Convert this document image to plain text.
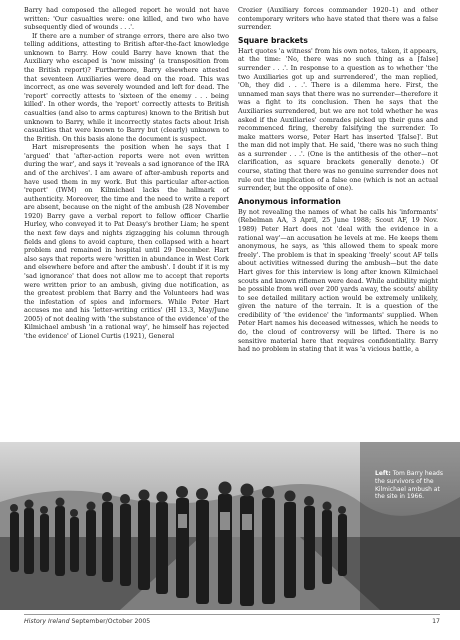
Barry had composed the alleged report he would not have written: 'Our casualties were: one killed, and two who have subsequently died of wounds . . .'.

If there are a number of strange errors, there are also two telling additions, attesting to British after-the-fact knowledge unknown to Barry. How could Barry have known that the Auxiliary who escaped is 'now missing' (a transposition from the British report)? Furthermore, Barry elsewhere attested that seventeen Auxiliaries were dead on the road. This was incorrect, as one was severely wounded and left for dead. The 'report' correctly attests to 'sixteen of the enemy . . . being killed'. In other words, the 'report' correctly attests to British casualties (and also to arms captures) known to the British but unknown to Barry, while it incorrectly states facts about Irish casualties that were known to Barry but (clearly) unknown to the British. On this basis alone the document is suspect.

Hart misrepresents the position when he says that I 'argued' that 'after-action reports were not even written during the war', and says it 'reveals a sad ignorance of the IRA and of the archives'. I am aware of after-ambush reports and have used them in my work. But this particular after-action 'report' (IWM) on Kilmichael lacks the hallmark of authenticity. Moreover, the time and the need to write a report are absent, because on the night of the ambush (28 November 1920) Barry gave a verbal report to fellow officer Charlie Hurley, who conveyed it to Pat Deasy's brother Liam; he spent the next few days and nights zigzagging his column through fields and glens to avoid capture, then collapsed with a heart problem and remained in hospital until 29 December. Hart also says that reports were 'written in abundance in West Cork and elsewhere before and after the ambush'. I doubt if it is my 'sad ignorance' that does not allow me to accept that reports were written prior to an ambush, giving due notification, as the greatest problem that Barry and the Volunteers had was the infestation of spies and informers. While Peter Hart accuses me and his 'letter-writing critics' (HI 13.3, May/June 2005) of not dealing with 'the substance of the evidence' of the Kilmichael ambush 'in a rational way', he himself has rejected 'the evidence' of Lionel Curtis (1921), General

Crozier (Auxiliary forces commander 1920–1) and other contemporary writers who have stated that there was a false surrender.

Square brackets

Hart quotes 'a witness' from his own notes, taken, it appears, at the time: 'No, there was no such thing as a [false] surrender . . .'. In response to a question as to whether 'the two Auxiliaries got up and surrendered', the man replied, 'Oh, they did . . .'. There is a dilemma here. First, the unnamed man says that there was no surrender—therefore it was a fight to its conclusion. Then he says that the Auxiliaries surrendered, but we are not told whether he was asked if the Auxiliaries' comrades picked up their guns and recommenced firing, thereby falsifying the surrender. To make matters worse, Peter Hart has inserted '[false]'. But the man did not imply that. He said, 'there was no such thing as a surrender . . .'. (One is the antithesis of the other—not clarification, as square brackets generally denote.) Of course, stating that there was no genuine surrender does not rule out the implication of a false one (which is not an actual surrender, but the opposite of one).

Anonymous information

By not revealing the names of what he calls his 'informants' (Rebelman AA, 3 April, 25 June 1988; Scout AF, 19 Nov. 1989) Peter Hart does not 'deal with the evidence in a rational way'—an accusation he levels at me. He keeps them anonymous, he says, as 'this allowed them to speak more freely'. The problem is that in speaking 'freely' scout AF tells about activities witnessed during the ambush—but the date Hart gives for this interview is long after known Kilmichael scouts and known riflemen were dead. While audibility might be possible from well over 200 yards away, the scouts' ability to see detailed military action would be extremely unlikely, given the nature of the terrain. It is a question of the credibility of 'the evidence' the 'informants' supplied. When Peter Hart names his deceased witnesses, which he needs to do, the cloud of controversy will be lifted. There is no sensitive material here that requires confidentiality. Barry had no problem in stating that it was 'a vicious battle, a

Left: Tom Barry heads the survivors of the Kilmichael ambush at the site in 1966.
History Ireland September/October 2005	17
